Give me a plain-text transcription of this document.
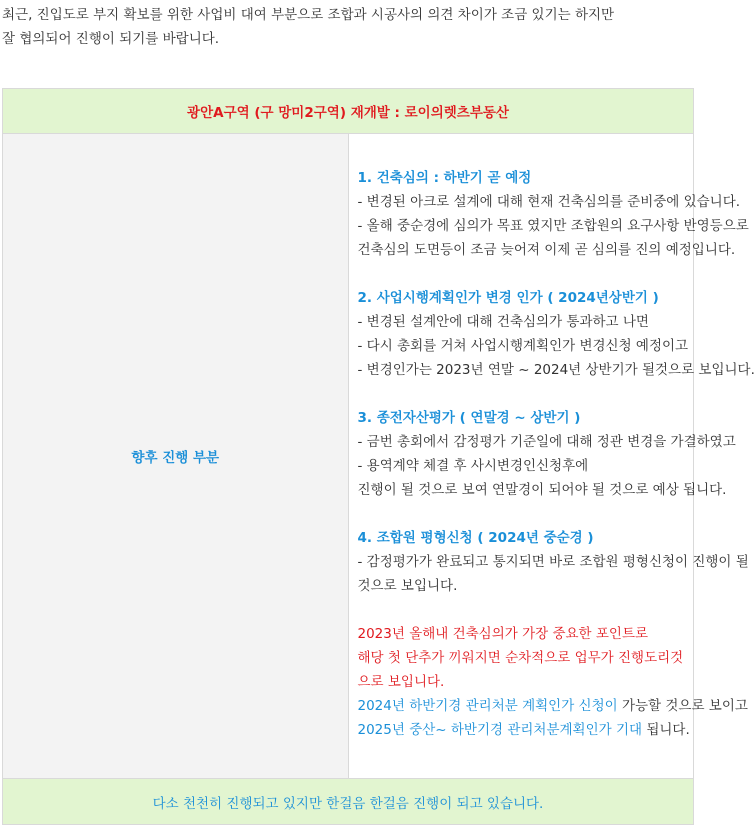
최근, 진입도로 부지 확보를 위한 사업비 대여 부분으로 조합과 시공사의 의견 차이가 조금 있기는 하지만

잘 협의되어 진행이 되기를 바랍니다.

광안A구역 (구 망미2구역) 재개발 : 로이의렛츠부동산
향후 진행 부분	
1. 건축심의 : 하반기 곧 예정
- 변경된 아크로 설계에 대해 현재 건축심의를 준비중에 있습니다.
- 올해 중순경에 심의가 목표 였지만 조합원의 요구사항 반영등으로
건축심의 도면등이 조금 늦어져 이제 곧 심의를 진의 예정입니다.
2. 사업시행계획인가 변경 인가 ( 2024년상반기 )
- 변경된 설계안에 대해 건축심의가 통과하고 나면
- 다시 총회를 거쳐 사업시행계획인가 변경신청 예정이고
- 변경인가는 2023년 연말 ~ 2024년 상반기가 될것으로 보입니다.
3. 종전자산평가 ( 연말경 ~ 상반기 )
- 금번 총회에서 감정평가 기준일에 대해 정관 변경을 가결하였고
- 용역계약 체결 후 사시변경인신청후에
진행이 될 것으로 보여 연말경이 되어야 될 것으로 예상 됩니다.
4. 조합원 평형신청 ( 2024년 중순경 )
- 감정평가가 완료되고 통지되면 바로 조합원 평형신청이 진행이 될
것으로 보입니다.
2023년 올해내 건축심의가 가장 중요한 포인트로
해당 첫 단추가 끼워지면 순차적으로 업무가 진행도리것으로 보입니다.
2024년 하반기경 관리처분 계획인가 신청이 가능할 것으로 보이고
2025년 중산~ 하반기경 관리처분계획인가 기대 됩니다.

다소 천천히 진행되고 있지만 한걸음 한걸음 진행이 되고 있습니다.
